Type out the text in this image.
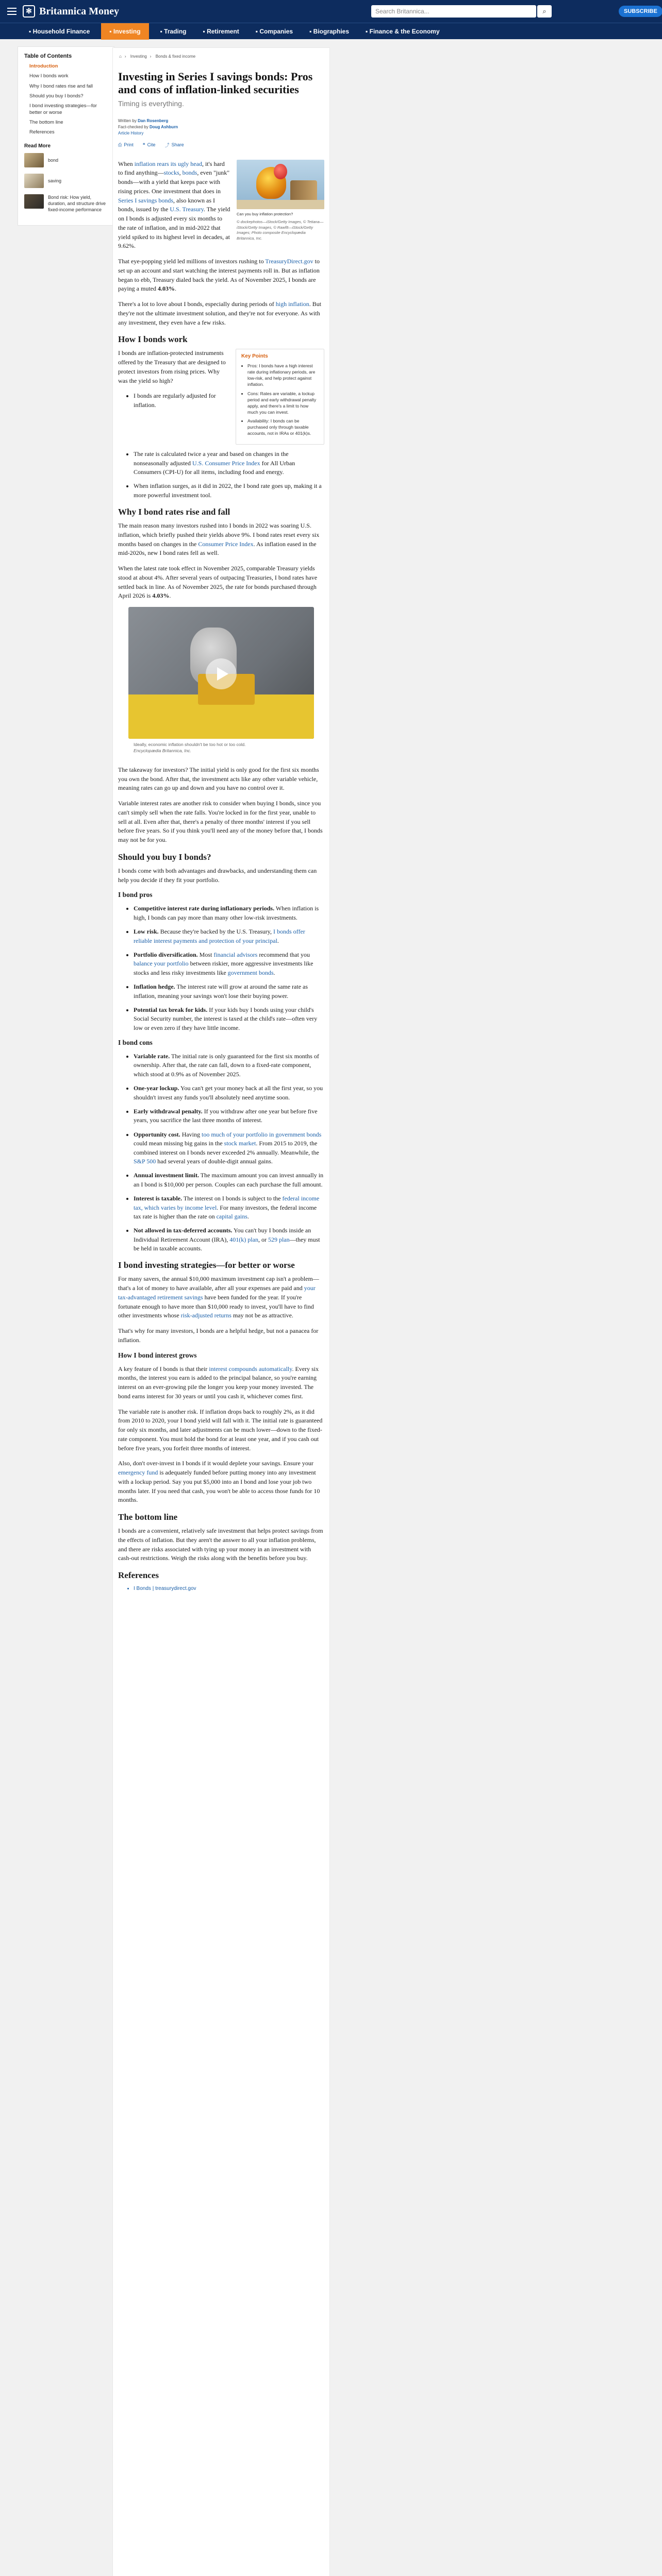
✻ Britannica Money	Search Britannica...	⌕	SUBSCRIBE
▪ Household Finance	▪ Investing	▪ Trading	▪ Retirement	▪ Companies	▪ Biographies	▪ Finance & the Economy
Table of Contents
Introduction
How I bonds work
Why I bond rates rise and fall
Should you buy I bonds?
I bond investing strategies—for better or worse
The bottom line
References
Read More
bond
saving
Bond risk: How yield, duration, and structure drive fixed-income performance
⌂ › Investing › Bonds & fixed income
Investing in Series I savings bonds: Pros and cons of inflation-linked securities
Timing is everything.
Written by Dan Rosenberg
Fact-checked by Doug Ashburn
Article History
⎙ Print ❝ Cite ⤴ Share
Can you buy inflation protection?
© dockephotos—iStock/Getty Images, © Tetiana—iStock/Getty Images, © Rawf8—iStock/Getty Images; Photo composite Encyclopædia Britannica, Inc.

When inflation rears its ugly head, it's hard to find anything—stocks, bonds, even "junk" bonds—with a yield that keeps pace with rising prices. One investment that does in Series I savings bonds, also known as I bonds, issued by the U.S. Treasury. The yield on I bonds is adjusted every six months to the rate of inflation, and in mid-2022 that yield spiked to its highest level in decades, at 9.62%.

That eye-popping yield led millions of investors rushing to TreasuryDirect.gov to set up an account and start watching the interest payments roll in. But as inflation began to ebb, Treasury dialed back the yield. As of November 2025, I bonds are paying a muted 4.03%.

There's a lot to love about I bonds, especially during periods of high inflation. But they're not the ultimate investment solution, and they're not for everyone. As with any investment, they even have a few risks.

How I bonds work
Key Points
• Pros: I bonds have a high interest rate during inflationary periods, are low-risk, and help protect against inflation.
• Cons: Rates are variable, a lockup period and early withdrawal penalty apply, and there's a limit to how much you can invest.
• Availability: I bonds can be purchased only through taxable accounts, not in IRAs or 401(k)s.

I bonds are inflation-protected instruments offered by the Treasury that are designed to protect investors from rising prices. Why was the yield so high?

• I bonds are regularly adjusted for inflation.
• The rate is calculated twice a year and based on changes in the nonseasonally adjusted U.S. Consumer Price Index for All Urban Consumers (CPI-U) for all items, including food and energy.
• When inflation surges, as it did in 2022, the I bond rate goes up, making it a more powerful investment tool.
Why I bond rates rise and fall

The main reason many investors rushed into I bonds in 2022 was soaring U.S. inflation, which briefly pushed their yields above 9%. I bond rates reset every six months based on changes in the Consumer Price Index. As inflation eased in the mid-2020s, new I bond rates fell as well.

When the latest rate took effect in November 2025, comparable Treasury yields stood at about 4%. After several years of outpacing Treasuries, I bond rates have settled back in line. As of November 2025, the rate for bonds purchased through April 2026 is 4.03%.

Ideally, economic inflation shouldn't be too hot or too cold.
Encyclopædia Britannica, Inc.

The takeaway for investors? The initial yield is only good for the first six months you own the bond. After that, the investment acts like any other variable vehicle, meaning rates can go up and down and you have no control over it.

Variable interest rates are another risk to consider when buying I bonds, since you can't simply sell when the rate falls. You're locked in for the first year, unable to sell at all. Even after that, there's a penalty of three months' interest if you sell before five years. So if you think you'll need any of the money before that, I bonds may not be for you.

Should you buy I bonds?

I bonds come with both advantages and drawbacks, and understanding them can help you decide if they fit your portfolio.

I bond pros
• Competitive interest rate during inflationary periods. When inflation is high, I bonds can pay more than many other low-risk investments.
• Low risk. Because they're backed by the U.S. Treasury, I bonds offer reliable interest payments and protection of your principal.
• Portfolio diversification. Most financial advisors recommend that you balance your portfolio between riskier, more aggressive investments like stocks and less risky investments like government bonds.
• Inflation hedge. The interest rate will grow at around the same rate as inflation, meaning your savings won't lose their buying power.
• Potential tax break for kids. If your kids buy I bonds using your child's Social Security number, the interest is taxed at the child's rate—often very low or even zero if they have little income.
I bond cons
• Variable rate. The initial rate is only guaranteed for the first six months of ownership. After that, the rate can fall, down to a fixed-rate component, which stood at 0.9% as of November 2025.
• One-year lockup. You can't get your money back at all the first year, so you shouldn't invest any funds you'll absolutely need anytime soon.
• Early withdrawal penalty. If you withdraw after one year but before five years, you sacrifice the last three months of interest.
• Opportunity cost. Having too much of your portfolio in government bonds could mean missing big gains in the stock market. From 2015 to 2019, the combined interest on I bonds never exceeded 2% annually. Meanwhile, the S&P 500 had several years of double-digit annual gains.
• Annual investment limit. The maximum amount you can invest annually in an I bond is $10,000 per person. Couples can each purchase the full amount.
• Interest is taxable. The interest on I bonds is subject to the federal income tax, which varies by income level. For many investors, the federal income tax rate is higher than the rate on capital gains.
• Not allowed in tax-deferred accounts. You can't buy I bonds inside an Individual Retirement Account (IRA), 401(k) plan, or 529 plan—they must be held in taxable accounts.
I bond investing strategies—for better or worse

For many savers, the annual $10,000 maximum investment cap isn't a problem—that's a lot of money to have available, after all your expenses are paid and your tax-advantaged retirement savings have been funded for the year. If you're fortunate enough to have more than $10,000 ready to invest, you'll have to find other investments whose risk-adjusted returns may not be as attractive.

That's why for many investors, I bonds are a helpful hedge, but not a panacea for inflation.

How I bond interest grows

A key feature of I bonds is that their interest compounds automatically. Every six months, the interest you earn is added to the principal balance, so you're earning interest on an ever-growing pile the longer you keep your money invested. The bond earns interest for 30 years or until you cash it, whichever comes first.

The variable rate is another risk. If inflation drops back to roughly 2%, as it did from 2010 to 2020, your I bond yield will fall with it. The initial rate is guaranteed for only six months, and later adjustments can be much lower—down to the fixed-rate component. You must hold the bond for at least one year, and if you cash out before five years, you forfeit three months of interest.

Also, don't over-invest in I bonds if it would deplete your savings. Ensure your emergency fund is adequately funded before putting money into any investment with a lockup period. Say you put $5,000 into an I bond and lose your job two months later. If you need that cash, you won't be able to access those funds for 10 months.

The bottom line

I bonds are a convenient, relatively safe investment that helps protect savings from the effects of inflation. But they aren't the answer to all your inflation problems, and there are risks associated with tying up your money in an investment with cash-out restrictions. Weigh the risks along with the benefits before you buy.

References
• I Bonds | treasurydirect.gov
